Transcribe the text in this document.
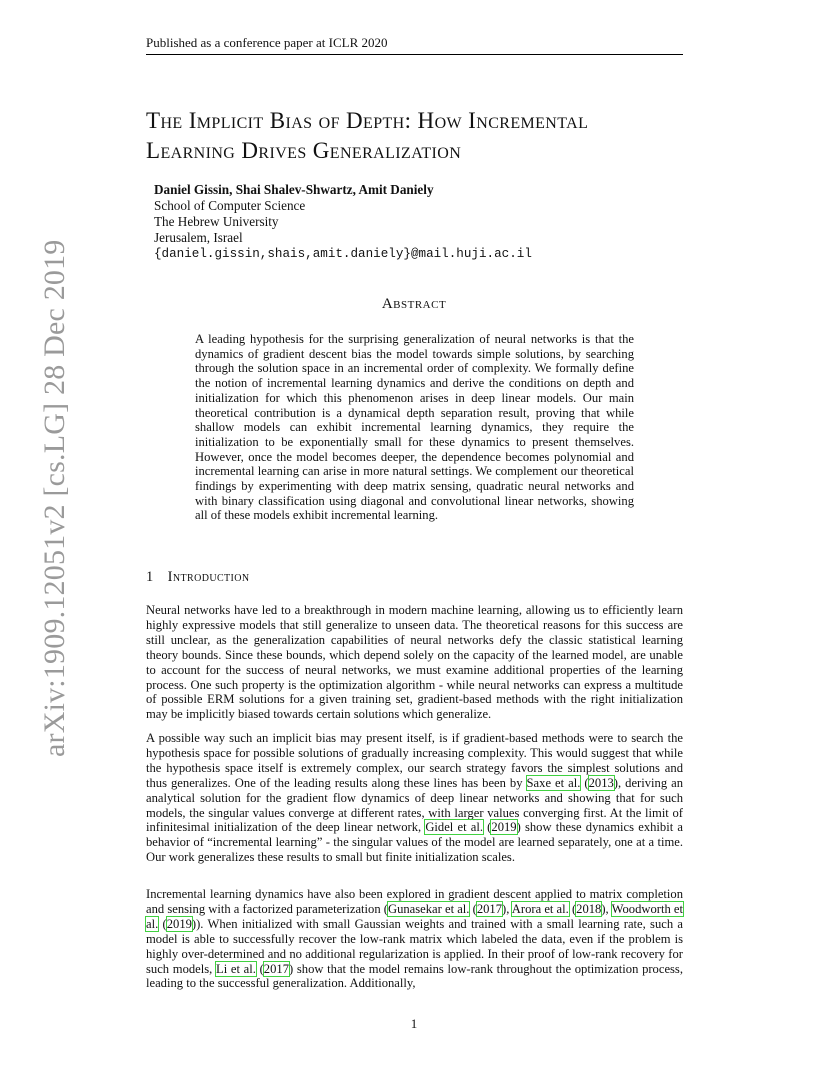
Published as a conference paper at ICLR 2020
arXiv:1909.12051v2 [cs.LG] 28 Dec 2019
The Implicit Bias of Depth: How Incremental
Learning Drives Generalization
Daniel Gissin, Shai Shalev-Shwartz, Amit Daniely
School of Computer Science
The Hebrew University
Jerusalem, Israel
{daniel.gissin,shais,amit.daniely}@mail.huji.ac.il
Abstract
A leading hypothesis for the surprising generalization of neural networks is that the dynamics of gradient descent bias the model towards simple solutions, by searching through the solution space in an incremental order of complexity. We formally define the notion of incremental learning dynamics and derive the conditions on depth and initialization for which this phenomenon arises in deep linear models. Our main theoretical contribution is a dynamical depth separation result, proving that while shallow models can exhibit incremental learning dynamics, they require the initialization to be exponentially small for these dynamics to present themselves. However, once the model becomes deeper, the dependence becomes polynomial and incremental learning can arise in more natural settings. We complement our theoretical findings by experimenting with deep matrix sensing, quadratic neural networks and with binary classification using diagonal and convolutional linear networks, showing all of these models exhibit incremental learning.
1 Introduction

Neural networks have led to a breakthrough in modern machine learning, allowing us to efficiently learn highly expressive models that still generalize to unseen data. The theoretical reasons for this success are still unclear, as the generalization capabilities of neural networks defy the classic statistical learning theory bounds. Since these bounds, which depend solely on the capacity of the learned model, are unable to account for the success of neural networks, we must examine additional properties of the learning process. One such property is the optimization algorithm - while neural networks can express a multitude of possible ERM solutions for a given training set, gradient-based methods with the right initialization may be implicitly biased towards certain solutions which generalize.

A possible way such an implicit bias may present itself, is if gradient-based methods were to search the hypothesis space for possible solutions of gradually increasing complexity. This would suggest that while the hypothesis space itself is extremely complex, our search strategy favors the simplest solutions and thus generalizes. One of the leading results along these lines has been by Saxe et al. (2013), deriving an analytical solution for the gradient flow dynamics of deep linear networks and showing that for such models, the singular values converge at different rates, with larger values converging first. At the limit of infinitesimal initialization of the deep linear network, Gidel et al. (2019) show these dynamics exhibit a behavior of “incremental learning” - the singular values of the model are learned separately, one at a time. Our work generalizes these results to small but finite initialization scales.

Incremental learning dynamics have also been explored in gradient descent applied to matrix completion and sensing with a factorized parameterization (Gunasekar et al. (2017), Arora et al. (2018), Woodworth et al. (2019)). When initialized with small Gaussian weights and trained with a small learning rate, such a model is able to successfully recover the low-rank matrix which labeled the data, even if the problem is highly over-determined and no additional regularization is applied. In their proof of low-rank recovery for such models, Li et al. (2017) show that the model remains low-rank throughout the optimization process, leading to the successful generalization. Additionally,

1
